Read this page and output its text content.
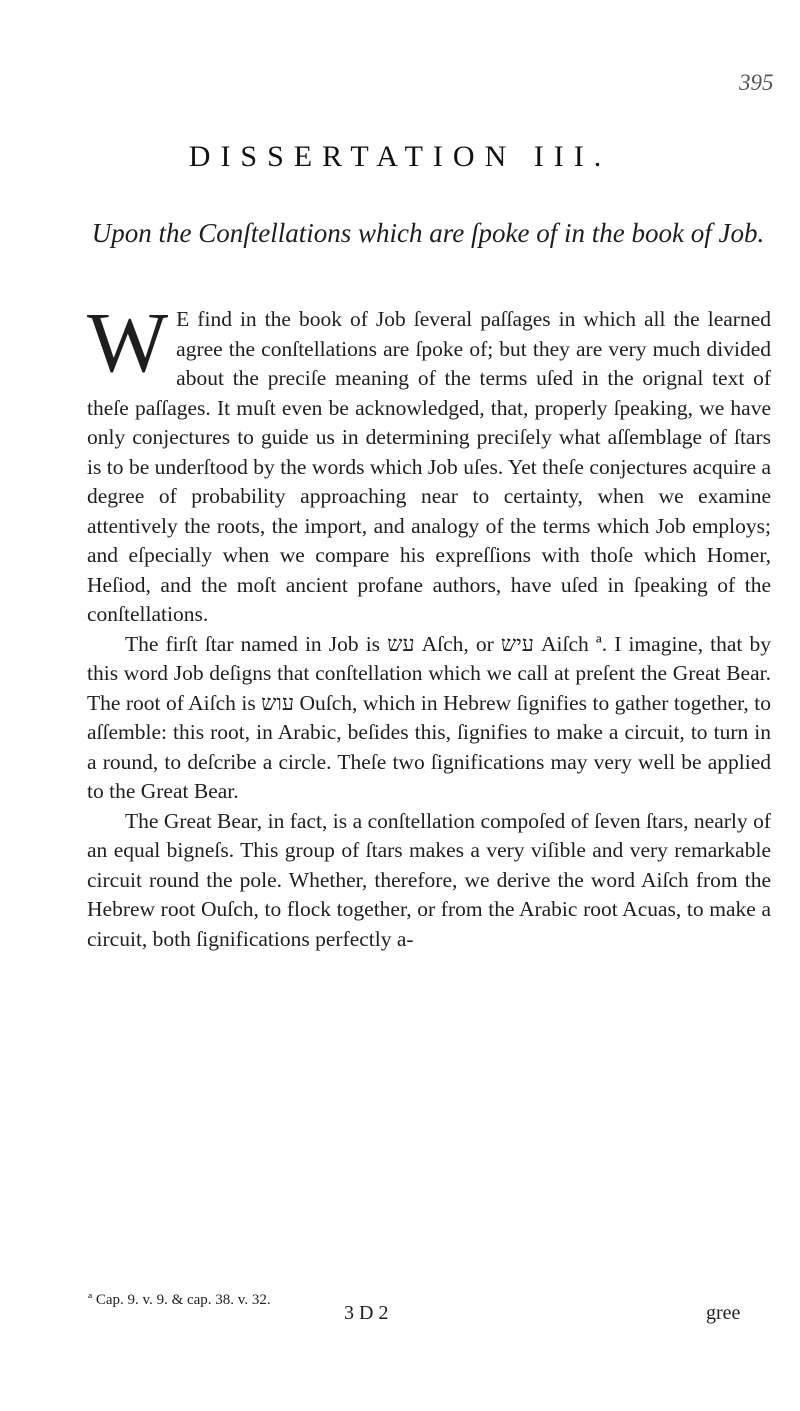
395
DISSERTATION III.
Upon the Conſtellations which are ſpoke of in the book of Job.

W E find in the book of Job ſeveral paſſages in which all the learned agree the conſtellations are ſpoke of; but they are very much divided about the preciſe meaning of the terms uſed in the orignal text of theſe paſſages. It muſt even be acknowledged, that, properly ſpeaking, we have only conjectures to guide us in determining preciſely what aſſemblage of ſtars is to be underſtood by the words which Job uſes. Yet theſe conjectures acquire a degree of probability approaching near to certainty, when we examine attentively the roots, the import, and analogy of the terms which Job employs; and eſpecially when we compare his expreſſions with thoſe which Homer, Heſiod, and the moſt ancient profane authors, have uſed in ſpeaking of the conſtellations.

The firſt ſtar named in Job is עש Aſch, or עיש Aiſch ª. I imagine, that by this word Job deſigns that conſtellation which we call at preſent the Great Bear. The root of Aiſch is עוש Ouſch, which in Hebrew ſignifies to gather together, to aſſemble: this root, in Arabic, beſides this, ſignifies to make a circuit, to turn in a round, to deſcribe a circle. Theſe two ſignifications may very well be applied to the Great Bear.

The Great Bear, in fact, is a conſtellation compoſed of ſeven ſtars, nearly of an equal bigneſs. This group of ſtars makes a very viſible and very remarkable circuit round the pole. Whether, therefore, we derive the word Aiſch from the Hebrew root Ouſch, to flock together, or from the Arabic root Acuas, to make a circuit, both ſignifications perfectly a-

ª Cap. 9. v. 9. & cap. 38. v. 32.
3 D 2	gree
